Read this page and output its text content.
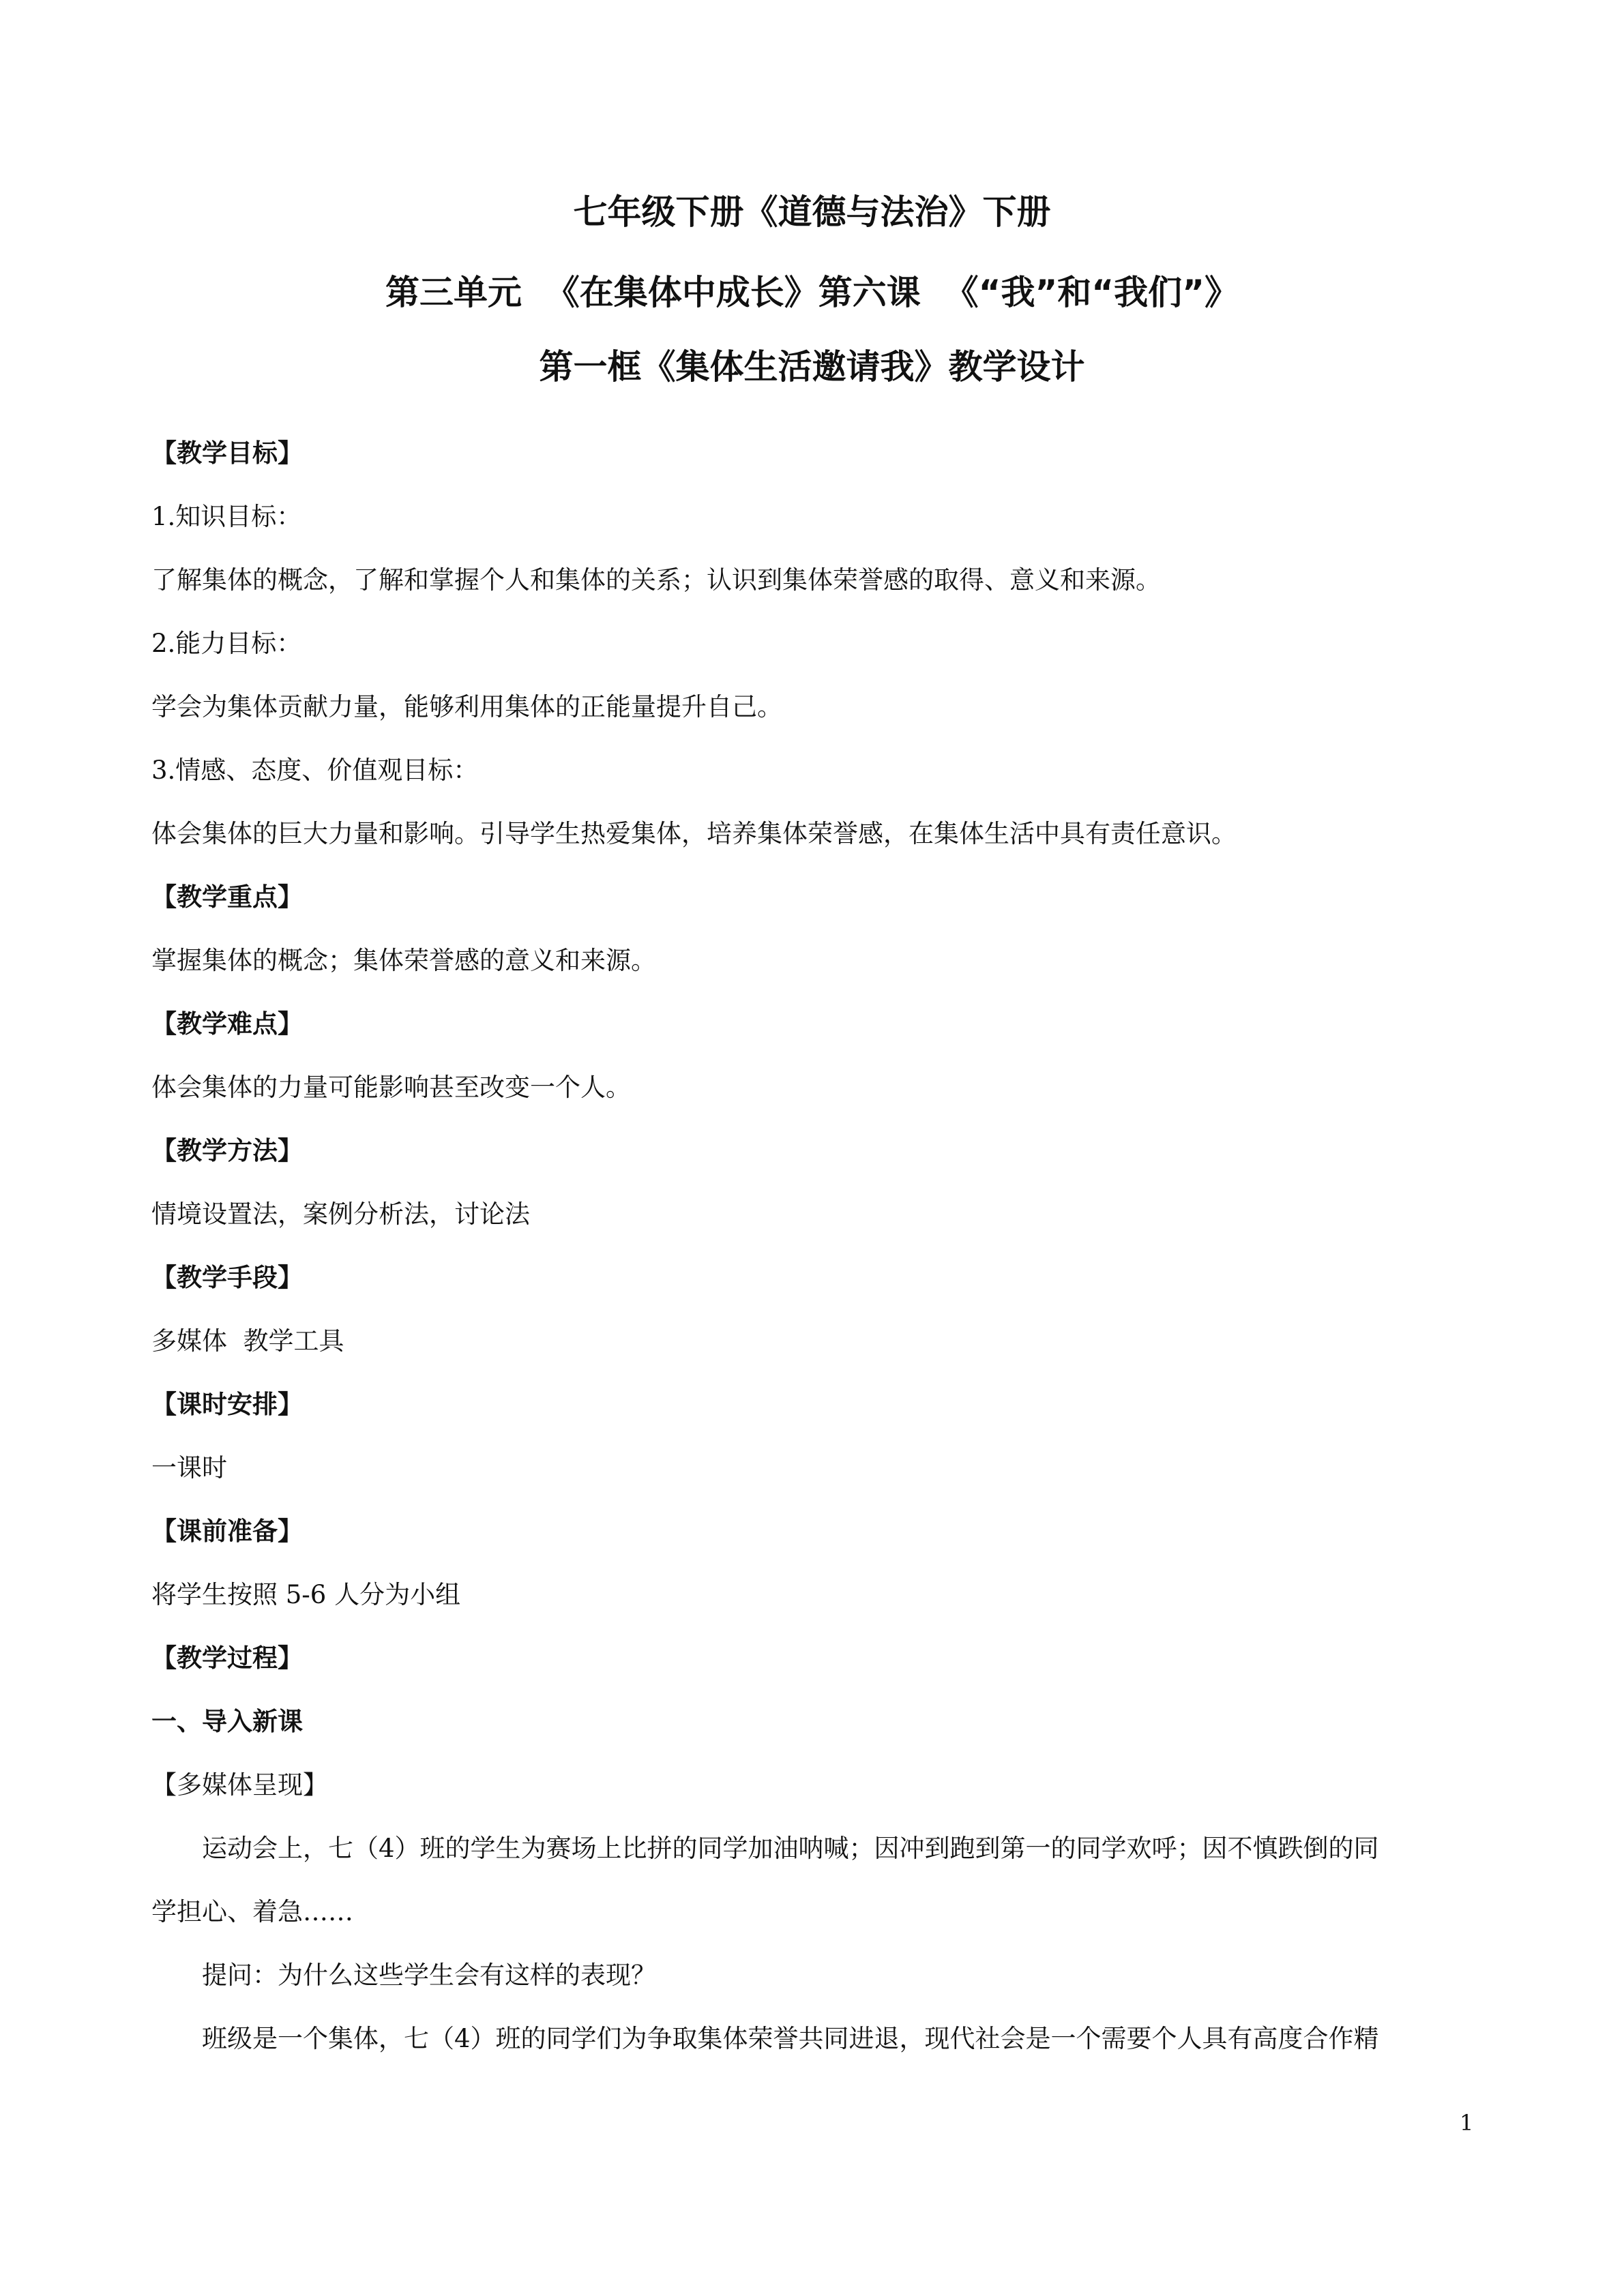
七年级下册《道德与法治》下册
第三单元  《在集体中成长》第六课  《“我”和“我们”》
第一框《集体生活邀请我》教学设计
【教学目标】
1.知识目标：
了解集体的概念，了解和掌握个人和集体的关系；认识到集体荣誉感的取得、意义和来源。
2.能力目标：
学会为集体贡献力量，能够利用集体的正能量提升自己。
3.情感、态度、价值观目标：
体会集体的巨大力量和影响。引导学生热爱集体，培养集体荣誉感，在集体生活中具有责任意识。
【教学重点】
掌握集体的概念；集体荣誉感的意义和来源。
【教学难点】
体会集体的力量可能影响甚至改变一个人。
【教学方法】
情境设置法，案例分析法，讨论法
【教学手段】
多媒体  教学工具
【课时安排】
一课时
【课前准备】
将学生按照 5-6 人分为小组
【教学过程】
一、导入新课
【多媒体呈现】
运动会上，七（4）班的学生为赛场上比拼的同学加油呐喊；因冲到跑到第一的同学欢呼；因不慎跌倒的同
学担心、着急……
提问：为什么这些学生会有这样的表现？
班级是一个集体，七（4）班的同学们为争取集体荣誉共同进退，现代社会是一个需要个人具有高度合作精
1
